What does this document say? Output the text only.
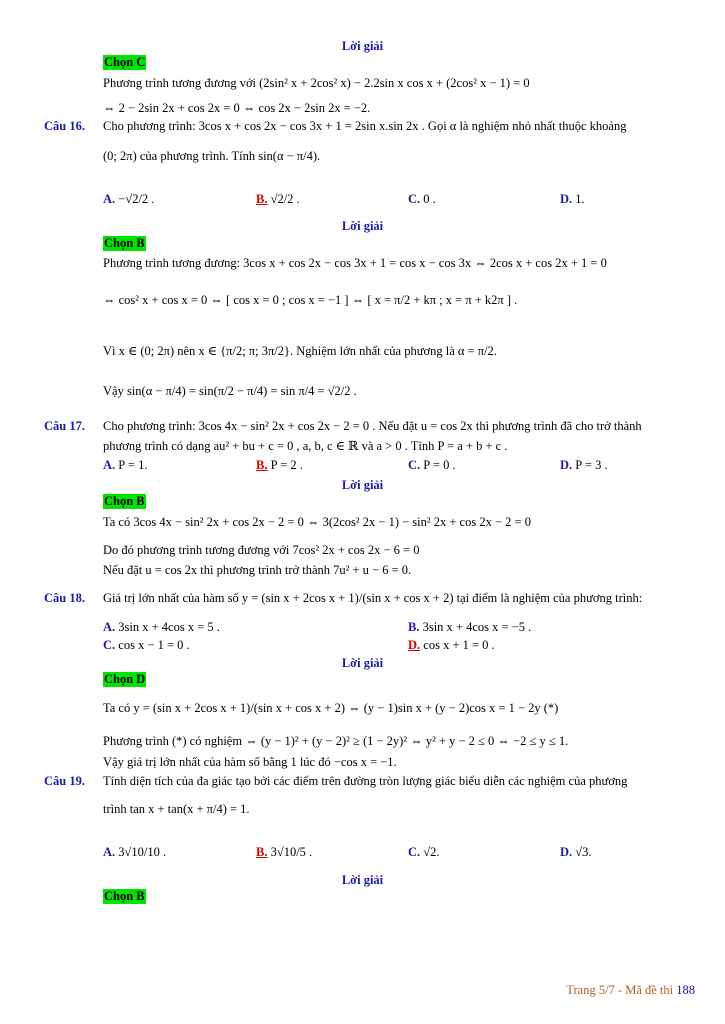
Lời giải
Chọn C
Phương trình tương đương với (2sin² x + 2cos² x) − 2.2sin x cos x + (2cos² x − 1) = 0
⇔ 2 − 2sin 2x + cos 2x = 0 ⇔ cos 2x − 2sin 2x = −2.
Câu 16. Cho phương trình: 3cos x + cos 2x − cos 3x + 1 = 2sin x.sin 2x . Gọi α là nghiệm nhỏ nhất thuộc khoảng
(0; 2π) của phương trình. Tính sin(α − π/4).
A. −√2/2 .	B. √2/2 .	C. 0 .	D. 1.
Lời giải
Chọn B
Phương trình tương đương: 3cos x + cos 2x − cos 3x + 1 = cos x − cos 3x ⇔ 2cos x + cos 2x + 1 = 0
⇔ cos² x + cos x = 0 ⇔ [ cos x = 0 ; cos x = −1 ] ⇔ [ x = π/2 + kπ ; x = π + k2π ] .
Vì x ∈ (0; 2π) nên x ∈ {π/2; π; 3π/2}. Nghiệm lớn nhất của phương là α = π/2.
Vậy sin(α − π/4) = sin(π/2 − π/4) = sin π/4 = √2/2 .
Câu 17. Cho phương trình: 3cos 4x − sin² 2x + cos 2x − 2 = 0 . Nếu đặt u = cos 2x thì phương trình đã cho trở thành
phương trình có dạng au² + bu + c = 0 , a, b, c ∈ ℝ và a > 0 . Tính P = a + b + c .
A. P = 1.	B. P = 2 .	C. P = 0 .	D. P = 3 .
Lời giải
Chọn B
Ta có 3cos 4x − sin² 2x + cos 2x − 2 = 0 ⇔ 3(2cos² 2x − 1) − sin² 2x + cos 2x − 2 = 0
Do đó phương trình tương đương với 7cos² 2x + cos 2x − 6 = 0
Nếu đặt u = cos 2x thì phương trình trở thành 7u² + u − 6 = 0.
Câu 18. Giá trị lớn nhất của hàm số y = (sin x + 2cos x + 1)/(sin x + cos x + 2) tại điểm là nghiệm của phương trình:
A. 3sin x + 4cos x = 5 .	B. 3sin x + 4cos x = −5 .
C. cos x − 1 = 0 .	D. cos x + 1 = 0 .
Lời giải
Chọn D
Ta có y = (sin x + 2cos x + 1)/(sin x + cos x + 2) ⇔ (y − 1)sin x + (y − 2)cos x = 1 − 2y (*)
Phương trình (*) có nghiệm ⇔ (y − 1)² + (y − 2)² ≥ (1 − 2y)² ⇔ y² + y − 2 ≤ 0 ⇔ −2 ≤ y ≤ 1.
Vậy giá trị lớn nhất của hàm số bằng 1 lúc đó −cos x = −1.
Câu 19. Tính diện tích của đa giác tạo bởi các điểm trên đường tròn lượng giác biểu diễn các nghiệm của phương
trình tan x + tan(x + π/4) = 1.
A. 3√10/10 .	B. 3√10/5 .	C. √2.	D. √3.
Lời giải
Chọn B
Trang 5/7 - Mã đề thi 188
